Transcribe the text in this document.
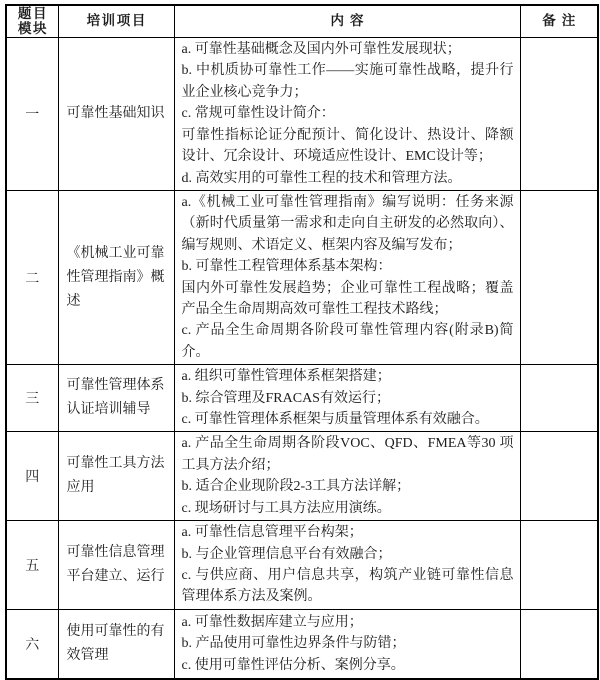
题目
模块	培训项目	内容	备注
一	可靠性基础知识	a. 可靠性基础概念及国内外可靠性发展现状；
b. 中机质协可靠性工作——实施可靠性战略，提升行业企业核心竞争力；
c. 常规可靠性设计简介：
可靠性指标论证分配预计、简化设计、热设计、降额设计、冗余设计、环境适应性设计、EMC设计等；
d. 高效实用的可靠性工程的技术和管理方法。	

二	《机械工业可靠性管理指南》概述	a.《机械工业可靠性管理指南》编写说明：任务来源（新时代质量第一需求和走向自主研发的必然取向）、编写规则、术语定义、框架内容及编写发布；
b. 可靠性工程管理体系基本架构：
国内外可靠性发展趋势；企业可靠性工程战略；覆盖产品全生命周期高效可靠性工程技术路线；
c. 产品全生命周期各阶段可靠性管理内容(附录B)简介。	

三	可靠性管理体系认证培训辅导	a. 组织可靠性管理体系框架搭建；
b. 综合管理及FRACAS有效运行；
c. 可靠性管理体系框架与质量管理体系有效融合。	

四	可靠性工具方法应用	a. 产品全生命周期各阶段VOC、QFD、FMEA等30 项工具方法介绍；
b. 适合企业现阶段2-3工具方法详解；
c. 现场研讨与工具方法应用演练。	

五	可靠性信息管理平台建立、运行	a. 可靠性信息管理平台构架；
b. 与企业管理信息平台有效融合；
c. 与供应商、用户信息共享，构筑产业链可靠性信息管理体系方法及案例。	

六	使用可靠性的有效管理	a. 可靠性数据库建立与应用；
b. 产品使用可靠性边界条件与防错；
c. 使用可靠性评估分析、案例分享。	
